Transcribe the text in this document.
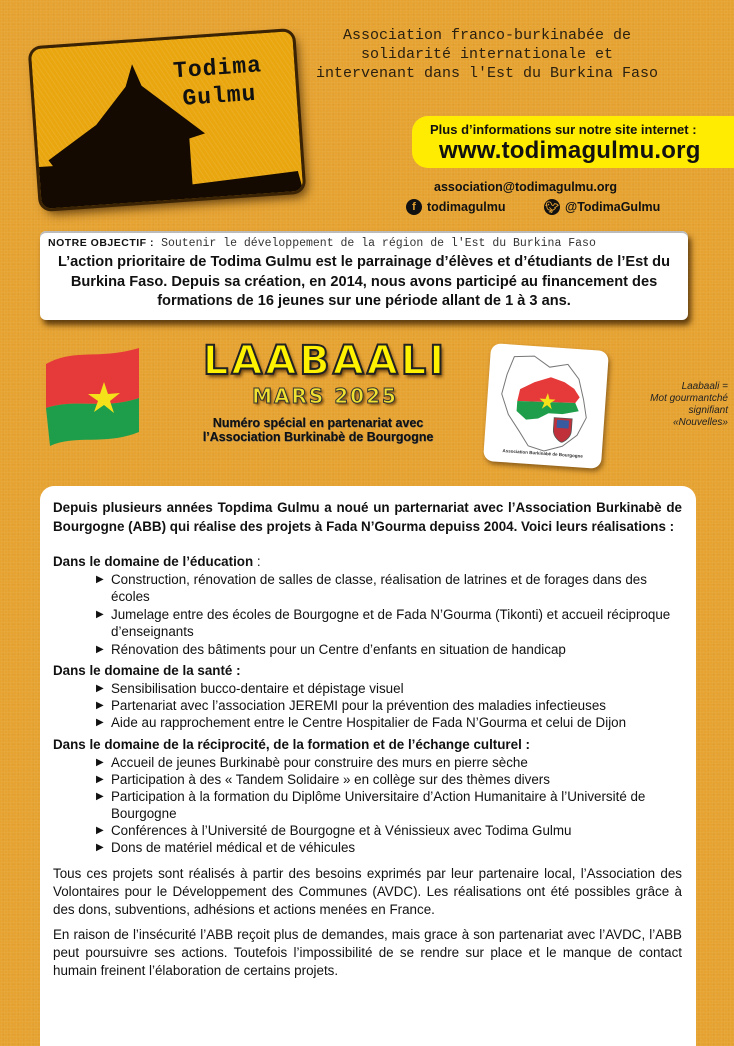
Todima
Gulmu
Association franco-burkinabée de solidarité internationale et intervenant dans l'Est du Burkina Faso
Plus d’informations sur notre site internet :
www.todimagulmu.org
association@todimagulmu.org
f todimagulmu	🐦︎ @TodimaGulmu
NOTRE OBJECTIF : Soutenir le développement de la région de l'Est du Burkina Faso
L’action prioritaire de Todima Gulmu est le parrainage d’élèves et d’étudiants de l’Est du Burkina Faso. Depuis sa création, en 2014, nous avons participé au financement des formations de 16 jeunes sur une période allant de 1 à 3 ans.
LAABAALI
MARS 2025
Numéro spécial en partenariat avec l’Association Burkinabè de Bourgogne
Association Burkinabè de Bourgogne
Laabaali =
Mot gourmantché
signifiant
«Nouvelles»

Depuis plusieurs années Topdima Gulmu a noué un parternariat avec l’Association Burkinabè de Bourgogne (ABB) qui réalise des projets à Fada N’Gourma depuiss 2004. Voici leurs réalisations :

Dans le domaine de l’éducation :

▶ Construction, rénovation de salles de classe, réalisation de latrines et de forages dans des écoles
▶ Jumelage entre des écoles de Bourgogne et de Fada N’Gourma (Tikonti) et accueil réciproque d’enseignants
▶ Rénovation des bâtiments pour un Centre d’enfants en situation de handicap

Dans le domaine de la santé :

▶ Sensibilisation bucco-dentaire et dépistage visuel
▶ Partenariat avec l’association JEREMI pour la prévention des maladies infectieuses
▶ Aide au rapprochement entre le Centre Hospitalier de Fada N’Gourma et celui de Dijon

Dans le domaine de la réciprocité, de la formation et de l’échange culturel :

▶ Accueil de jeunes Burkinabè pour construire des murs en pierre sèche
▶ Participation à des « Tandem Solidaire » en collège sur des thèmes divers
▶ Participation à la formation du Diplôme Universitaire d’Action Humanitaire à l’Université de Bourgogne
▶ Conférences à l’Université de Bourgogne et à Vénissieux avec Todima Gulmu
▶ Dons de matériel médical et de véhicules

Tous ces projets sont réalisés à partir des besoins exprimés par leur partenaire local, l’Association des Volontaires pour le Développement des Communes (AVDC). Les réalisations ont été possibles grâce à des dons, subventions, adhésions et actions menées en France.

En raison de l’insécurité l’ABB reçoit plus de demandes, mais grace à son partenariat avec l’AVDC, l’ABB peut poursuivre ses actions. Toutefois l’impossibilité de se rendre sur place et le manque de contact humain freinent l’élaboration de certains projets.
